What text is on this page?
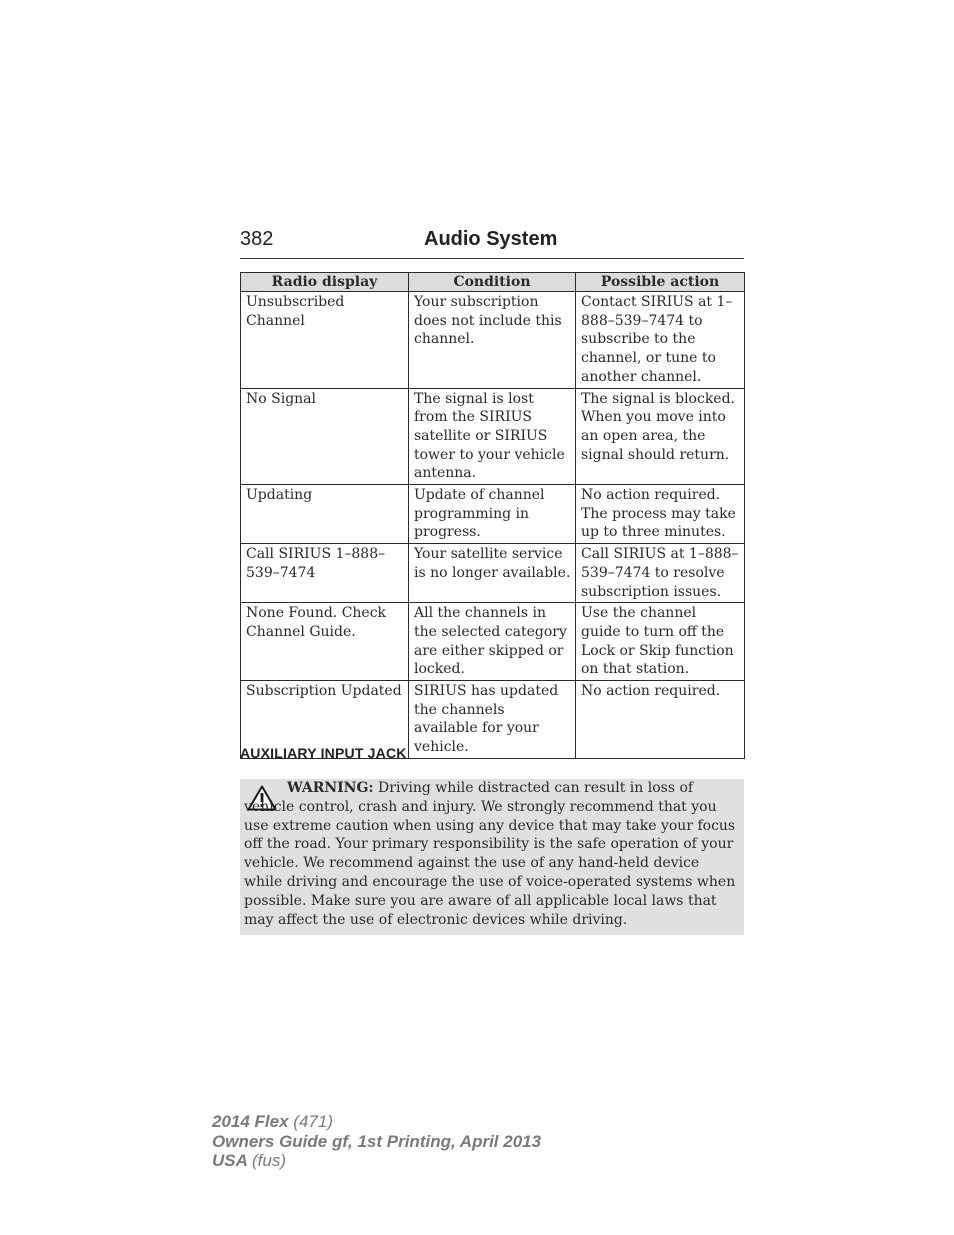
382	Audio System
Radio display	Condition	Possible action
Unsubscribed Channel	Your subscription does not include this channel.	Contact SIRIUS at 1–888–539–7474 to subscribe to the channel, or tune to another channel.
No Signal	The signal is lost from the SIRIUS satellite or SIRIUS tower to your vehicle antenna.	The signal is blocked. When you move into an open area, the signal should return.
Updating	Update of channel programming in progress.	No action required. The process may take up to three minutes.
Call SIRIUS 1–888–539–7474	Your satellite service is no longer available.	Call SIRIUS at 1–888–539–7474 to resolve subscription issues.
None Found. Check Channel Guide.	All the channels in the selected category are either skipped or locked.	Use the channel guide to turn off the Lock or Skip function on that station.
Subscription Updated	SIRIUS has updated the channels available for your vehicle.	No action required.
AUXILIARY INPUT JACK
WARNING: Driving while distracted can result in loss of vehicle control, crash and injury. We strongly recommend that you use extreme caution when using any device that may take your focus off the road. Your primary responsibility is the safe operation of your vehicle. We recommend against the use of any hand-held device while driving and encourage the use of voice-operated systems when possible. Make sure you are aware of all applicable local laws that may affect the use of electronic devices while driving.
2014 Flex (471)
Owners Guide gf, 1st Printing, April 2013
USA (fus)
